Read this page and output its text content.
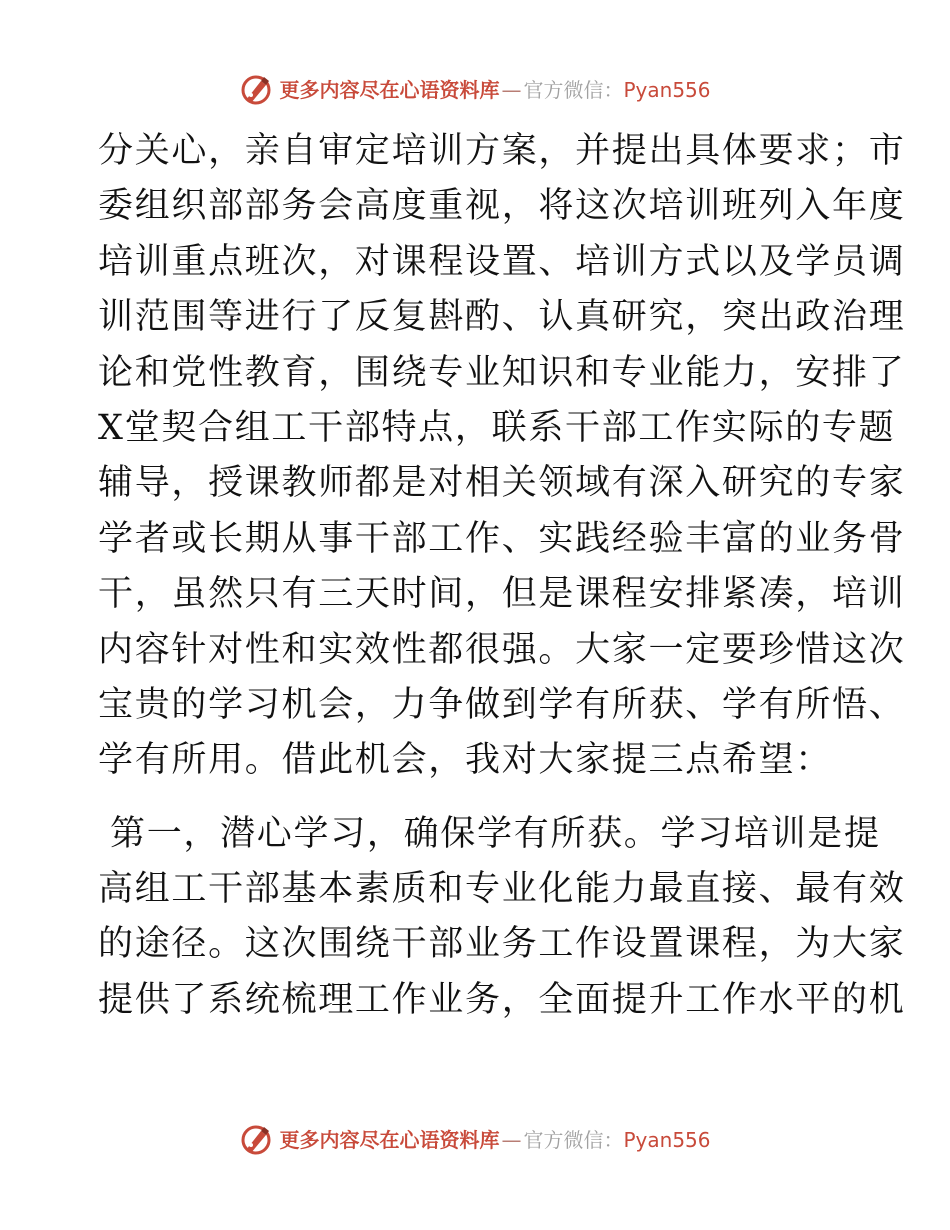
更多内容尽在心语资料库 — 官方微信： Pyan556

分关心，亲自审定培训方案，并提出具体要求；市
委组织部部务会高度重视，将这次培训班列入年度
培训重点班次，对课程设置、培训方式以及学员调
训范围等进行了反复斟酌、认真研究，突出政治理
论和党性教育，围绕专业知识和专业能力，安排了
X堂契合组工干部特点，联系干部工作实际的专题
辅导，授课教师都是对相关领域有深入研究的专家
学者或长期从事干部工作、实践经验丰富的业务骨
干，虽然只有三天时间，但是课程安排紧凑，培训
内容针对性和实效性都很强。大家一定要珍惜这次
宝贵的学习机会，力争做到学有所获、学有所悟、
学有所用。借此机会，我对大家提三点希望：

第一，潜心学习，确保学有所获。学习培训是提
高组工干部基本素质和专业化能力最直接、最有效
的途径。这次围绕干部业务工作设置课程，为大家
提供了系统梳理工作业务，全面提升工作水平的机

更多内容尽在心语资料库 — 官方微信： Pyan556
